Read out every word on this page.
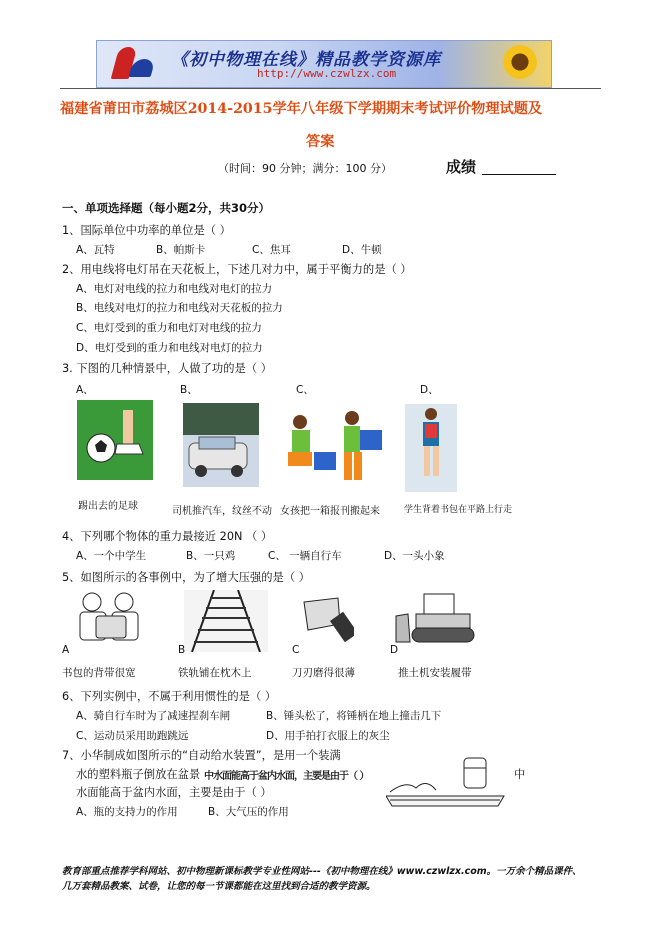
《初中物理在线》精品教学资源库
http://www.czwlzx.com
福建省莆田市荔城区2014-2015学年八年级下学期期末考试评价物理试题及
答案
（时间：90 分钟；满分：100 分）	成绩
一、单项选择题（每小题2分，共30分）
1、国际单位中功率的单位是（ ）
A、瓦特	B、帕斯卡	C、焦耳	D、牛顿
2、用电线将电灯吊在天花板上，下述几对力中，属于平衡力的是（ ）
A、电灯对电线的拉力和电线对电灯的拉力
B、电线对电灯的拉力和电线对天花板的拉力
C、电灯受到的重力和电灯对电线的拉力
D、电灯受到的重力和电线对电灯的拉力
3. 下图的几种情景中，人做了功的是（ ）
A、	B、	C、	D、
踢出去的足球	司机推汽车，纹丝不动 女孩把一箱报刊搬起来	学生背着书包在平路上行走
4、下列哪个物体的重力最接近 20N （ ）
A、一个中学生	B、一只鸡	C、 一辆自行车	D、一头小象
5、如图所示的各事例中，为了增大压强的是（ ）
A	B	C	D
书包的背带很宽	铁轨铺在枕木上	刀刃磨得很薄	推土机安装履带
6、下列实例中，不属于利用惯性的是（ ）
A、骑自行车时为了减速捏刹车闸	B、锤头松了，将锤柄在地上撞击几下
C、运动员采用助跑跳远	D、用手拍打衣服上的灰尘
7、小华制成如图所示的“自动给水装置”，是用一个装满
水的塑料瓶子倒放在盆景 中水面能高于盆内水面，主要是由于（ ）	中
水面能高于盆内水面，主要是由于（ ）
A、瓶的支持力的作用	B、大气压的作用
教育部重点推荐学科网站、初中物理新课标教学专业性网站---《初中物理在线》www.czwlzx.com。一万余个精品课件、
几万套精品教案、试卷，让您的每一节课都能在这里找到合适的教学资源。
